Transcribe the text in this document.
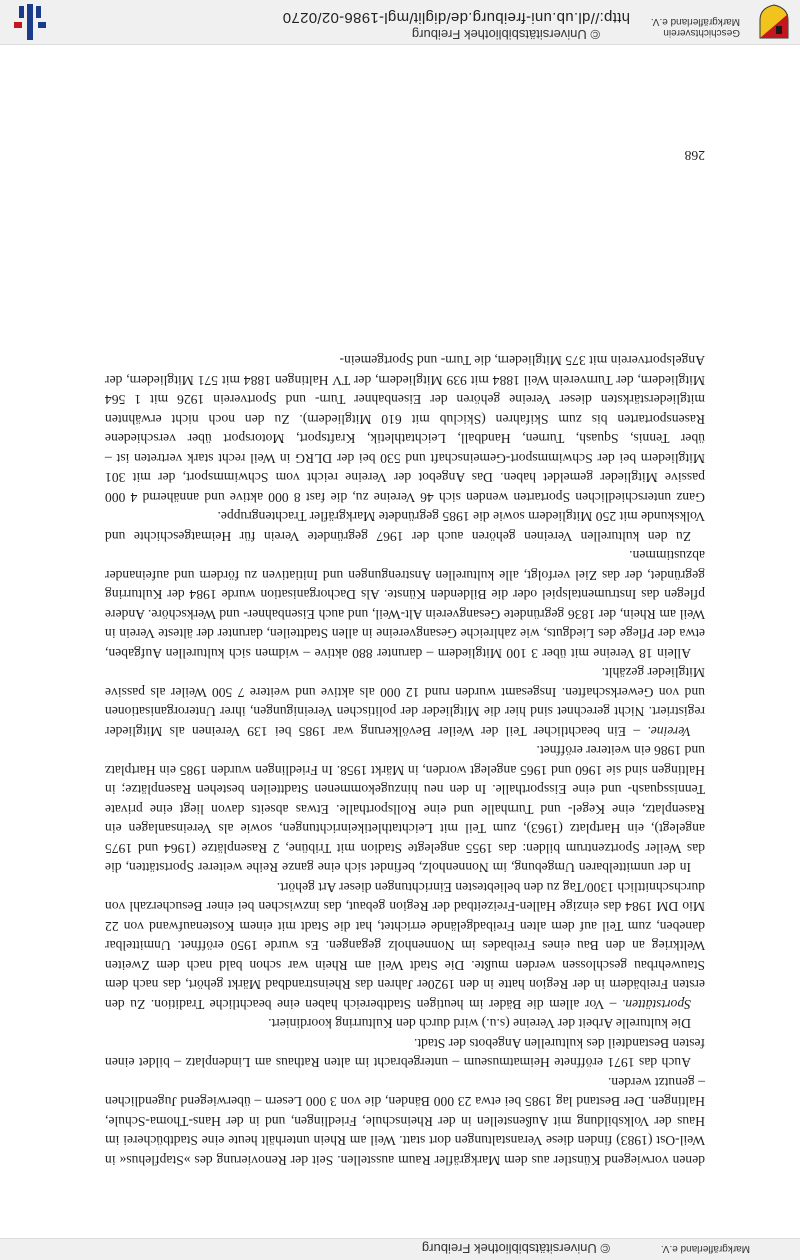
© Universitätsbibliothek Freiburg
http://dl.ub.uni-freiburg.de/diglit/mgl-1986-02/0270
Geschichtsverein
Markgräflerland e.V.

denen vorwiegend Künstler aus dem Markgräfler Raum ausstellen. Seit der Renovierung des »Stapflehus« in Weil-Ost (1983) finden diese Veranstaltungen dort statt. Weil am Rhein unterhält heute eine Stadtbücherei im Haus der Volksbildung mit Außenstellen in der Rheinschule, Friedlingen, und in der Hans-Thoma-Schule, Haltingen. Der Bestand lag 1985 bei etwa 23 000 Bänden, die von 3 000 Lesern – überwiegend Jugendlichen – genutzt werden.

Auch das 1971 eröffnete Heimatmuseum – untergebracht im alten Rathaus am Lindenplatz – bildet einen festen Bestandteil des kulturellen Angebots der Stadt.

Die kulturelle Arbeit der Vereine (s.u.) wird durch den Kulturring koordiniert.

Sportstätten. – Vor allem die Bäder im heutigen Stadtbereich haben eine beachtliche Tradition. Zu den ersten Freibädern in der Region hatte in den 1920er Jahren das Rheinstrandbad Märkt gehört, das nach dem Stauwehrbau geschlossen werden mußte. Die Stadt Weil am Rhein war schon bald nach dem Zweiten Weltkrieg an den Bau eines Freibades im Nonnenholz gegangen. Es wurde 1950 eröffnet. Unmittelbar daneben, zum Teil auf dem alten Freibadgelände errichtet, hat die Stadt mit einem Kostenaufwand von 22 Mio DM 1984 das einzige Hallen-Freizeitbad der Region gebaut, das inzwischen bei einer Besucherzahl von durchschnittlich 1300/Tag zu den beliebtesten Einrichtungen dieser Art gehört.

In der unmittelbaren Umgebung, im Nonnenholz, befindet sich eine ganze Reihe weiterer Sportstätten, die das Weiler Sportzentrum bilden: das 1955 angelegte Stadion mit Tribüne, 2 Rasenplätze (1964 und 1975 angelegt), ein Hartplatz (1963), zum Teil mit Leichtathletikeinrichtungen, sowie als Vereinsanlagen ein Rasenplatz, eine Kegel- und Turnhalle und eine Rollsporthalle. Etwas abseits davon liegt eine private Tennissquash- und eine Eissporthalle. In den neu hinzugekommenen Stadtteilen bestehen Rasenplätze; in Haltingen sind sie 1960 und 1965 angelegt worden, in Märkt 1958. In Friedlingen wurden 1985 ein Hartplatz und 1986 ein weiterer eröffnet.

Vereine. – Ein beachtlicher Teil der Weiler Bevölkerung war 1985 bei 139 Vereinen als Mitglieder registriert. Nicht gerechnet sind hier die Mitglieder der politischen Vereinigungen, ihrer Unterorganisationen und von Gewerkschaften. Insgesamt wurden rund 12 000 als aktive und weitere 7 500 Weiler als passive Mitglieder gezählt.

Allein 18 Vereine mit über 3 100 Mitgliedern – darunter 880 aktive – widmen sich kulturellen Aufgaben, etwa der Pflege des Liedguts, wie zahlreiche Gesangvereine in allen Stadtteilen, darunter der älteste Verein in Weil am Rhein, der 1836 gegründete Gesangverein Alt-Weil, und auch Eisenbahner- und Werkschöre. Andere pflegen das Instrumentalspiel oder die Bildenden Künste. Als Dachorganisation wurde 1984 der Kulturring gegründet, der das Ziel verfolgt, alle kulturellen Anstrengungen und Initiativen zu fördern und aufeinander abzustimmen.

Zu den kulturellen Vereinen gehören auch der 1967 gegründete Verein für Heimatgeschichte und Volkskunde mit 250 Mitgliedern sowie die 1985 gegründete Markgräfler Trachtengruppe.

Ganz unterschiedlichen Sportarten wenden sich 46 Vereine zu, die fast 8 000 aktive und annähernd 4 000 passive Mitglieder gemeldet haben. Das Angebot der Vereine reicht vom Schwimmsport, der mit 301 Mitgliedern bei der Schwimmsport-Gemeinschaft und 530 bei der DLRG in Weil recht stark vertreten ist – über Tennis, Squash, Turnen, Handball, Leichtathletik, Kraftsport, Motorsport über verschiedene Rasensportarten bis zum Skifahren (Skiclub mit 610 Mitgliedern). Zu den noch nicht erwähnten mitgliederstärksten dieser Vereine gehören der Eisenbahner Turn- und Sportverein 1926 mit 1 564 Mitgliedern, der Turnverein Weil 1884 mit 939 Mitgliedern, der TV Haltingen 1884 mit 571 Mitgliedern, der Angelsportverein mit 375 Mitgliedern, die Turn- und Sportgemein-

268
© Universitätsbibliothek Freiburg	Markgräflerland e.V.
